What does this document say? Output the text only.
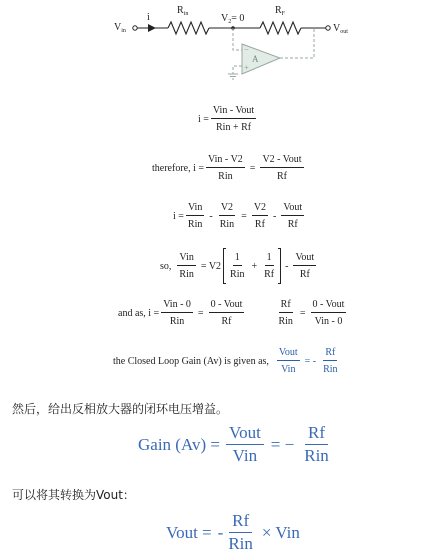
$V_{in}$
i
$R_{in}$	$V_2= 0$
$R_F$
$V_{out}$
−
+
A
$i = \frac{\text{Vin - Vout}}{\text{Rin + Rf}}$
therefore, $i = \frac{\text{Vin - V2}}{\text{Rin}} = \frac{\text{V2 - Vout}}{Rf}$
$i = \frac{\text{Vin}}{\text{Rin}} - \frac{V2}{\text{Rin}} = \frac{V2}{Rf} - \frac{\text{Vout}}{Rf}$
so, $\frac{\text{Vin}}{\text{Rin}} = V2 \frac{1}{\text{Rin}} + \frac{1}{Rf} - \frac{\text{Vout}}{Rf}$
and as, $i = \frac{\text{Vin - 0}}{\text{Rin}} = \frac{\text{0 - Vout}}{Rf}$	$\frac{Rf}{\text{Rin}} = \frac{\text{0 - Vout}}{\text{Vin - 0}}$
the Closed Loop Gain (Av) is given as, $\frac{\text{Vout}}{\text{Vin}}$ = - $\frac{Rf}{\text{Rin}}$
然后，给出反相放大器的闭环电压增益。
Gain $(Av) = \frac{\text{Vout}}{\text{Vin}}$ = − $\frac{Rf}{\text{Rin}}$
可以将其转换为Vout：
Vout = - $\frac{Rf}{\text{Rin}}$ × Vin
